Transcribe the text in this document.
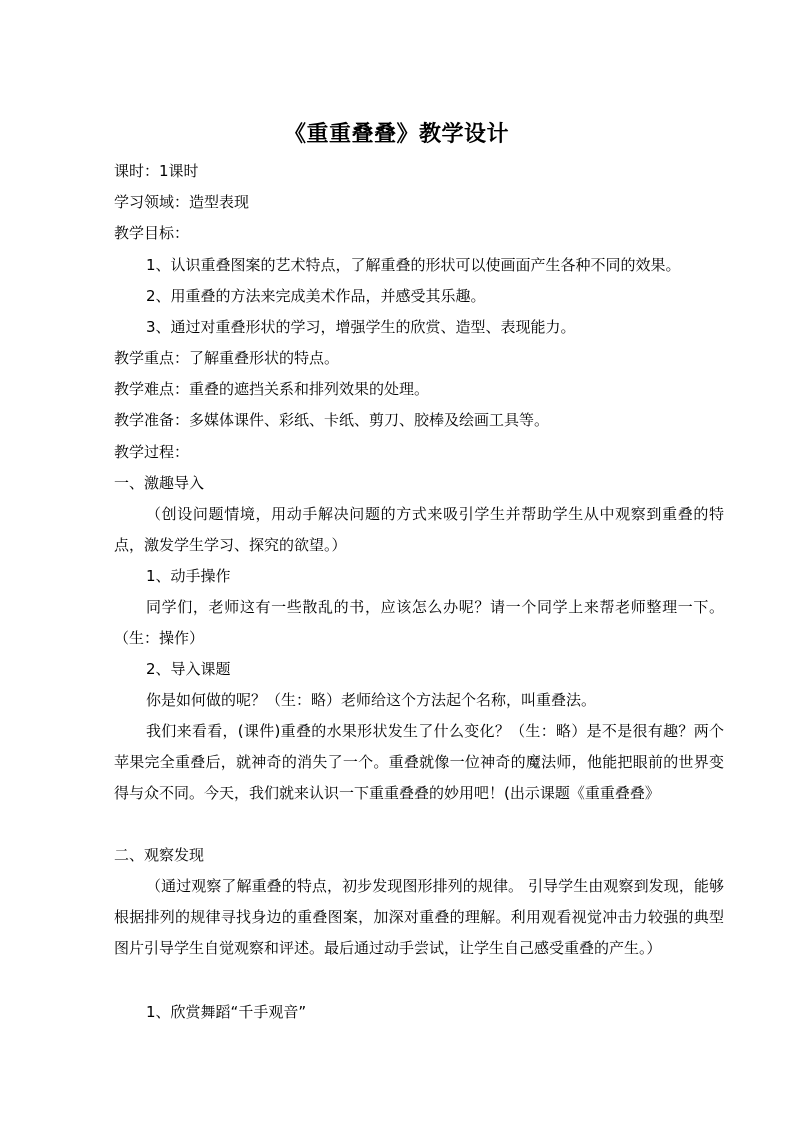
《重重叠叠》教学设计
课时：1课时
学习领域：造型表现
教学目标：
1、认识重叠图案的艺术特点，了解重叠的形状可以使画面产生各种不同的效果。
2、用重叠的方法来完成美术作品，并感受其乐趣。
3、通过对重叠形状的学习，增强学生的欣赏、造型、表现能力。
教学重点：了解重叠形状的特点。
教学难点：重叠的遮挡关系和排列效果的处理。
教学准备：多媒体课件、彩纸、卡纸、剪刀、胶棒及绘画工具等。
教学过程：
一、激趣导入
（创设问题情境，用动手解决问题的方式来吸引学生并帮助学生从中观察到重叠的特点，激发学生学习、探究的欲望。）
1、动手操作
同学们，老师这有一些散乱的书，应该怎么办呢？请一个同学上来帮老师整理一下。（生：操作）
2、导入课题
你是如何做的呢？（生：略）老师给这个方法起个名称，叫重叠法。
我们来看看，(课件)重叠的水果形状发生了什么变化？（生：略）是不是很有趣？两个苹果完全重叠后，就神奇的消失了一个。重叠就像一位神奇的魔法师，他能把眼前的世界变得与众不同。今天，我们就来认识一下重重叠叠的妙用吧！(出示课题《重重叠叠》
二、观察发现
（通过观察了解重叠的特点，初步发现图形排列的规律。 引导学生由观察到发现，能够根据排列的规律寻找身边的重叠图案，加深对重叠的理解。利用观看视觉冲击力较强的典型图片引导学生自觉观察和评述。最后通过动手尝试，让学生自己感受重叠的产生。）
1、欣赏舞蹈“千手观音”
